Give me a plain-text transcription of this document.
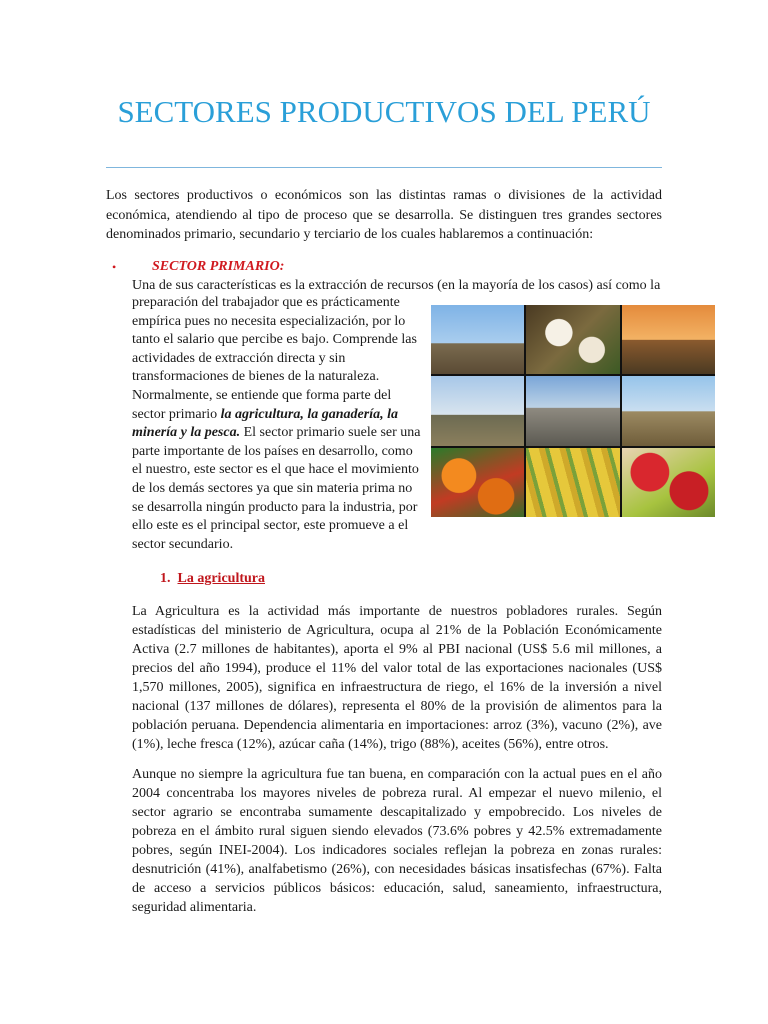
SECTORES PRODUCTIVOS DEL PERÚ

Los sectores productivos o económicos son las distintas ramas o divisiones de la actividad económica, atendiendo al tipo de proceso que se desarrolla. Se distinguen tres grandes sectores denominados primario, secundario y terciario de los cuales hablaremos a continuación:

•	SECTOR PRIMARIO:

Una de sus características es la extracción de recursos (en la mayoría de los casos) así como la

preparación del trabajador que es prácticamente empírica pues no necesita especialización, por lo tanto el salario que percibe es bajo. Comprende las actividades de extracción directa y sin transformaciones de bienes de la naturaleza. Normalmente, se entiende que forma parte del sector primario la agricultura, la ganadería, la minería y la pesca. El sector primario suele ser una parte importante de los países en desarrollo, como el nuestro, este sector es el que hace el movimiento de los demás sectores ya que sin materia prima no se desarrolla ningún producto para la industria, por ello este es el principal sector, este promueve a el sector secundario.

1. La agricultura

La Agricultura es la actividad más importante de nuestros pobladores rurales. Según estadísticas del ministerio de Agricultura, ocupa al 21% de la Población Económicamente Activa (2.7 millones de habitantes), aporta el 9% al PBI nacional (US$ 5.6 mil millones, a precios del año 1994), produce el 11% del valor total de las exportaciones nacionales (US$ 1,570 millones, 2005), significa en infraestructura de riego, el 16% de la inversión a nivel nacional (137 millones de dólares), representa el 80% de la provisión de alimentos para la población peruana. Dependencia alimentaria en importaciones: arroz (3%), vacuno (2%), ave (1%), leche fresca (12%), azúcar caña (14%), trigo (88%), aceites (56%), entre otros.

Aunque no siempre la agricultura fue tan buena, en comparación con la actual pues en el año 2004 concentraba los mayores niveles de pobreza rural. Al empezar el nuevo milenio, el sector agrario se encontraba sumamente descapitalizado y empobrecido. Los niveles de pobreza en el ámbito rural siguen siendo elevados (73.6% pobres y 42.5% extremadamente pobres, según INEI-2004). Los indicadores sociales reflejan la pobreza en zonas rurales: desnutrición (41%), analfabetismo (26%), con necesidades básicas insatisfechas (67%). Falta de acceso a servicios públicos básicos: educación, salud, saneamiento, infraestructura, seguridad alimentaria.
